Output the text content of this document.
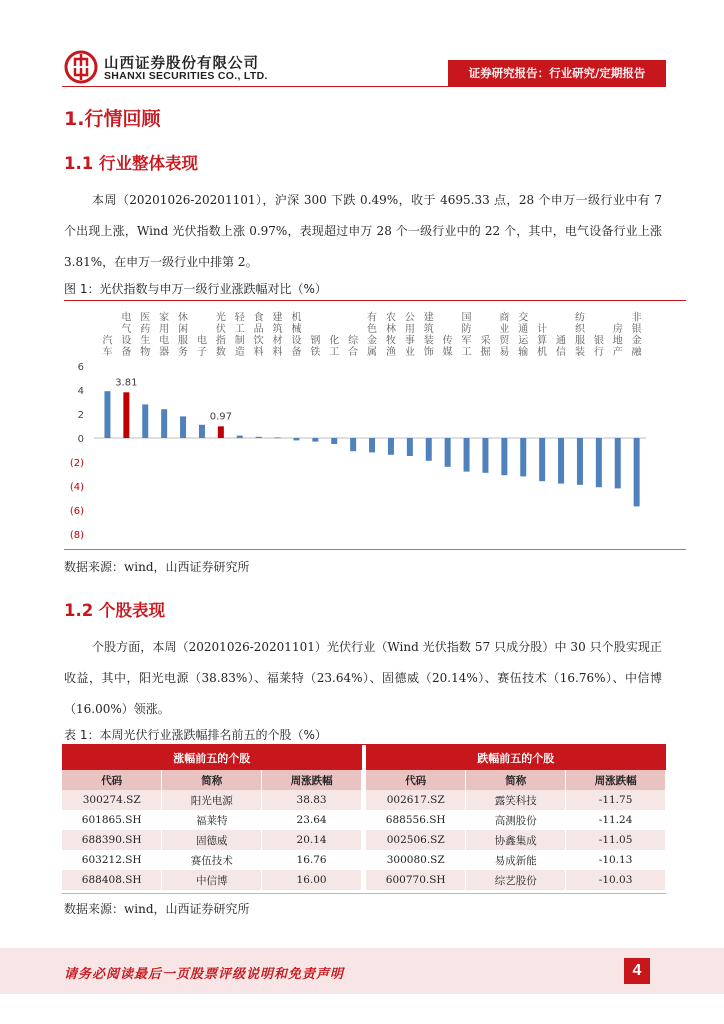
山西证券股份有限公司
SHANXI SECURITIES CO., LTD.	证券研究报告：行业研究/定期报告
1.行情回顾
1.1 行业整体表现
本周（20201026-20201101），沪深 300 下跌 0.49%，收于 4695.33 点，28 个申万一级行业中有 7 个出现上涨，Wind 光伏指数上涨 0.97%，表现超过申万 28 个一级行业中的 22 个，其中，电气设备行业上涨 3.81%，在申万一级行业中排第 2。
图 1：光伏指数与申万一级行业涨跌幅对比（%）
6
4
2
0
(2)
(4)
(6)
(8)
汽车
电气设备
3.81
医药生物
家用电器
休闲服务
电子
光伏指数
0.97
轻工制造
食品饮料
建筑材料
机械设备
钢铁
化工
综合
有色金属
农林牧渔
公用事业
建筑装饰
传媒
国防军工
采掘
商业贸易
交通运输
计算机
通信
纺织服装
银行
房地产
非银金融
数据来源：wind，山西证券研究所
1.2 个股表现
个股方面，本周（20201026-20201101）光伏行业（Wind 光伏指数 57 只成分股）中 30 只个股实现正收益，其中，阳光电源（38.83%）、福莱特（23.64%）、固德威（20.14%）、赛伍技术（16.76%）、中信博（16.00%）领涨。
表 1：本周光伏行业涨跌幅排名前五的个股（%）
涨幅前五的个股		
代码	简称	周涨跌幅
300274.SZ	阳光电源	38.83
601865.SH	福莱特	23.64
688390.SH	固德威	20.14
603212.SH	赛伍技术	16.76
688408.SH	中信博	16.00
跌幅前五的个股		
代码	简称	周涨跌幅
002617.SZ	露笑科技	-11.75
688556.SH	高测股份	-11.24
002506.SZ	协鑫集成	-11.05
300080.SZ	易成新能	-10.13
600770.SH	综艺股份	-10.03
数据来源：wind，山西证券研究所
请务必阅读最后一页股票评级说明和免责声明	4
